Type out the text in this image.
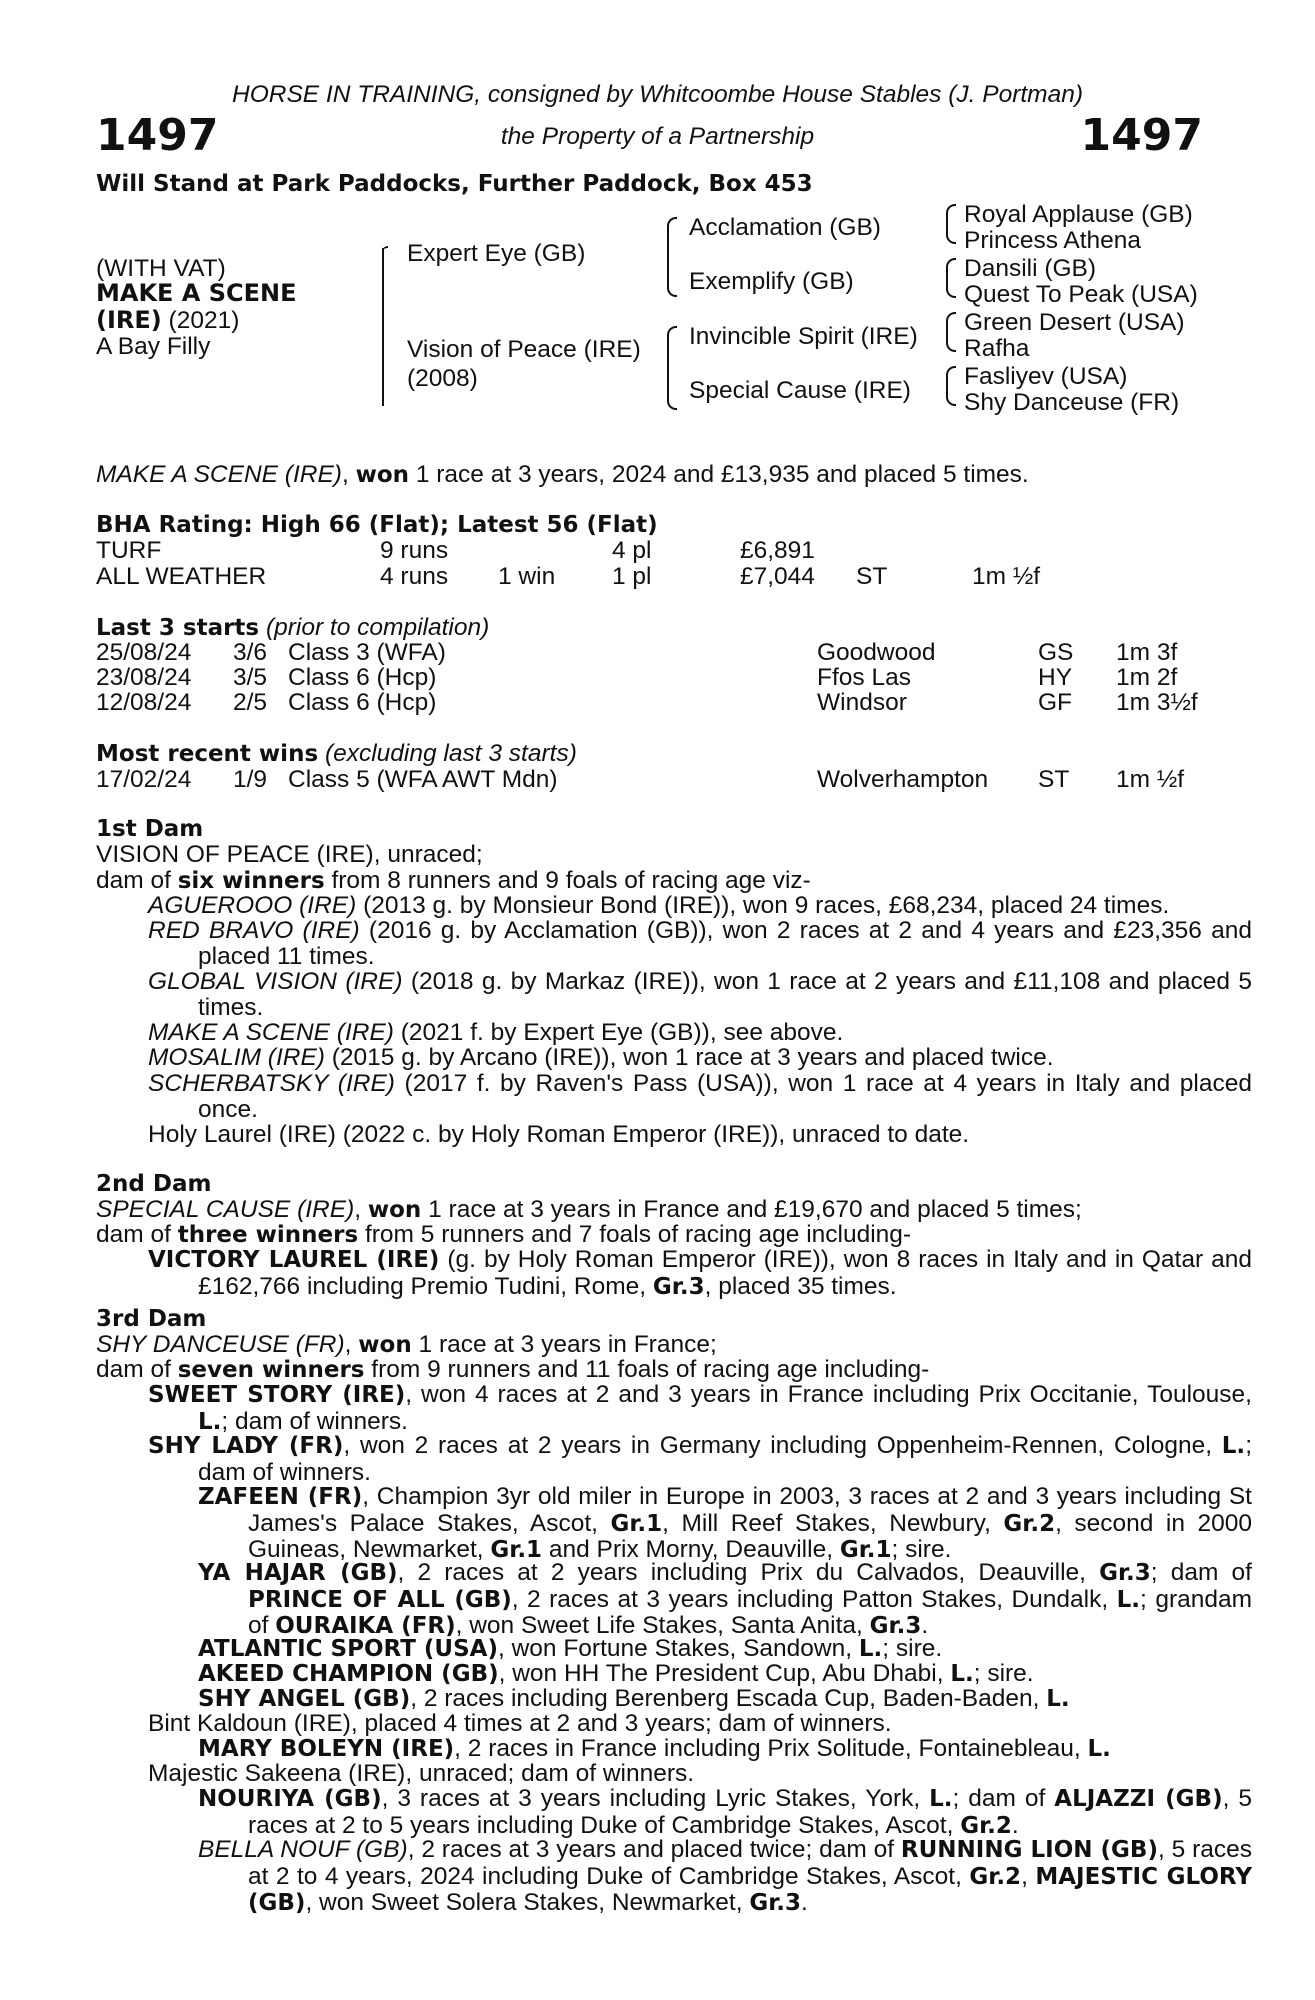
HORSE IN TRAINING, consigned by Whitcoombe House Stables (J. Portman)
1497	the Property of a Partnership	1497
Will Stand at Park Paddocks, Further Paddock, Box 453
(WITH VAT)
MAKE A SCENE
(IRE) (2021)
A Bay Filly
Expert Eye (GB)
Vision of Peace (IRE)
(2008)
Acclamation (GB)
Exemplify (GB)
Invincible Spirit (IRE)
Special Cause (IRE)
Royal Applause (GB)
Princess Athena
Dansili (GB)
Quest To Peak (USA)
Green Desert (USA)
Rafha
Fasliyev (USA)
Shy Danceuse (FR)
MAKE A SCENE (IRE), won 1 race at 3 years, 2024 and £13,935 and placed 5 times.
BHA Rating: High 66 (Flat); Latest 56 (Flat)
TURF	9 runs	4 pl	£6,891
ALL WEATHER	4 runs 1 win 1 pl	£7,044 ST	1m ½f
Last 3 starts (prior to compilation)
25/08/24 3/6 Class 3 (WFA)	Goodwood	GS 1m 3f
23/08/24 3/5 Class 6 (Hcp)	Ffos Las	HY 1m 2f
12/08/24 2/5 Class 6 (Hcp)	Windsor	GF 1m 3½f
Most recent wins (excluding last 3 starts)
17/02/24 1/9 Class 5 (WFA AWT Mdn)	Wolverhampton ST 1m ½f
1st Dam
VISION OF PEACE (IRE), unraced;
dam of six winners from 8 runners and 9 foals of racing age viz-
AGUEROOO (IRE) (2013 g. by Monsieur Bond (IRE)), won 9 races, £68,234, placed 24 times.
RED BRAVO (IRE) (2016 g. by Acclamation (GB)), won 2 races at 2 and 4 years and £23,356 and placed 11 times.
GLOBAL VISION (IRE) (2018 g. by Markaz (IRE)), won 1 race at 2 years and £11,108 and placed 5 times.
MAKE A SCENE (IRE) (2021 f. by Expert Eye (GB)), see above.
MOSALIM (IRE) (2015 g. by Arcano (IRE)), won 1 race at 3 years and placed twice.
SCHERBATSKY (IRE) (2017 f. by Raven's Pass (USA)), won 1 race at 4 years in Italy and placed once.
Holy Laurel (IRE) (2022 c. by Holy Roman Emperor (IRE)), unraced to date.
2nd Dam
SPECIAL CAUSE (IRE), won 1 race at 3 years in France and £19,670 and placed 5 times;
dam of three winners from 5 runners and 7 foals of racing age including-
VICTORY LAUREL (IRE) (g. by Holy Roman Emperor (IRE)), won 8 races in Italy and in Qatar and £162,766 including Premio Tudini, Rome, Gr.3, placed 35 times.
3rd Dam
SHY DANCEUSE (FR), won 1 race at 3 years in France;
dam of seven winners from 9 runners and 11 foals of racing age including-
SWEET STORY (IRE), won 4 races at 2 and 3 years in France including Prix Occitanie, Toulouse, L.; dam of winners.
SHY LADY (FR), won 2 races at 2 years in Germany including Oppenheim-Rennen, Cologne, L.; dam of winners.
ZAFEEN (FR), Champion 3yr old miler in Europe in 2003, 3 races at 2 and 3 years including St James's Palace Stakes, Ascot, Gr.1, Mill Reef Stakes, Newbury, Gr.2, second in 2000 Guineas, Newmarket, Gr.1 and Prix Morny, Deauville, Gr.1; sire.
YA HAJAR (GB), 2 races at 2 years including Prix du Calvados, Deauville, Gr.3; dam of PRINCE OF ALL (GB), 2 races at 3 years including Patton Stakes, Dundalk, L.; grandam of OURAIKA (FR), won Sweet Life Stakes, Santa Anita, Gr.3.
ATLANTIC SPORT (USA), won Fortune Stakes, Sandown, L.; sire.
AKEED CHAMPION (GB), won HH The President Cup, Abu Dhabi, L.; sire.
SHY ANGEL (GB), 2 races including Berenberg Escada Cup, Baden-Baden, L.
Bint Kaldoun (IRE), placed 4 times at 2 and 3 years; dam of winners.
MARY BOLEYN (IRE), 2 races in France including Prix Solitude, Fontainebleau, L.
Majestic Sakeena (IRE), unraced; dam of winners.
NOURIYA (GB), 3 races at 3 years including Lyric Stakes, York, L.; dam of ALJAZZI (GB), 5 races at 2 to 5 years including Duke of Cambridge Stakes, Ascot, Gr.2.
BELLA NOUF (GB), 2 races at 3 years and placed twice; dam of RUNNING LION (GB), 5 races at 2 to 4 years, 2024 including Duke of Cambridge Stakes, Ascot, Gr.2, MAJESTIC GLORY (GB), won Sweet Solera Stakes, Newmarket, Gr.3.
